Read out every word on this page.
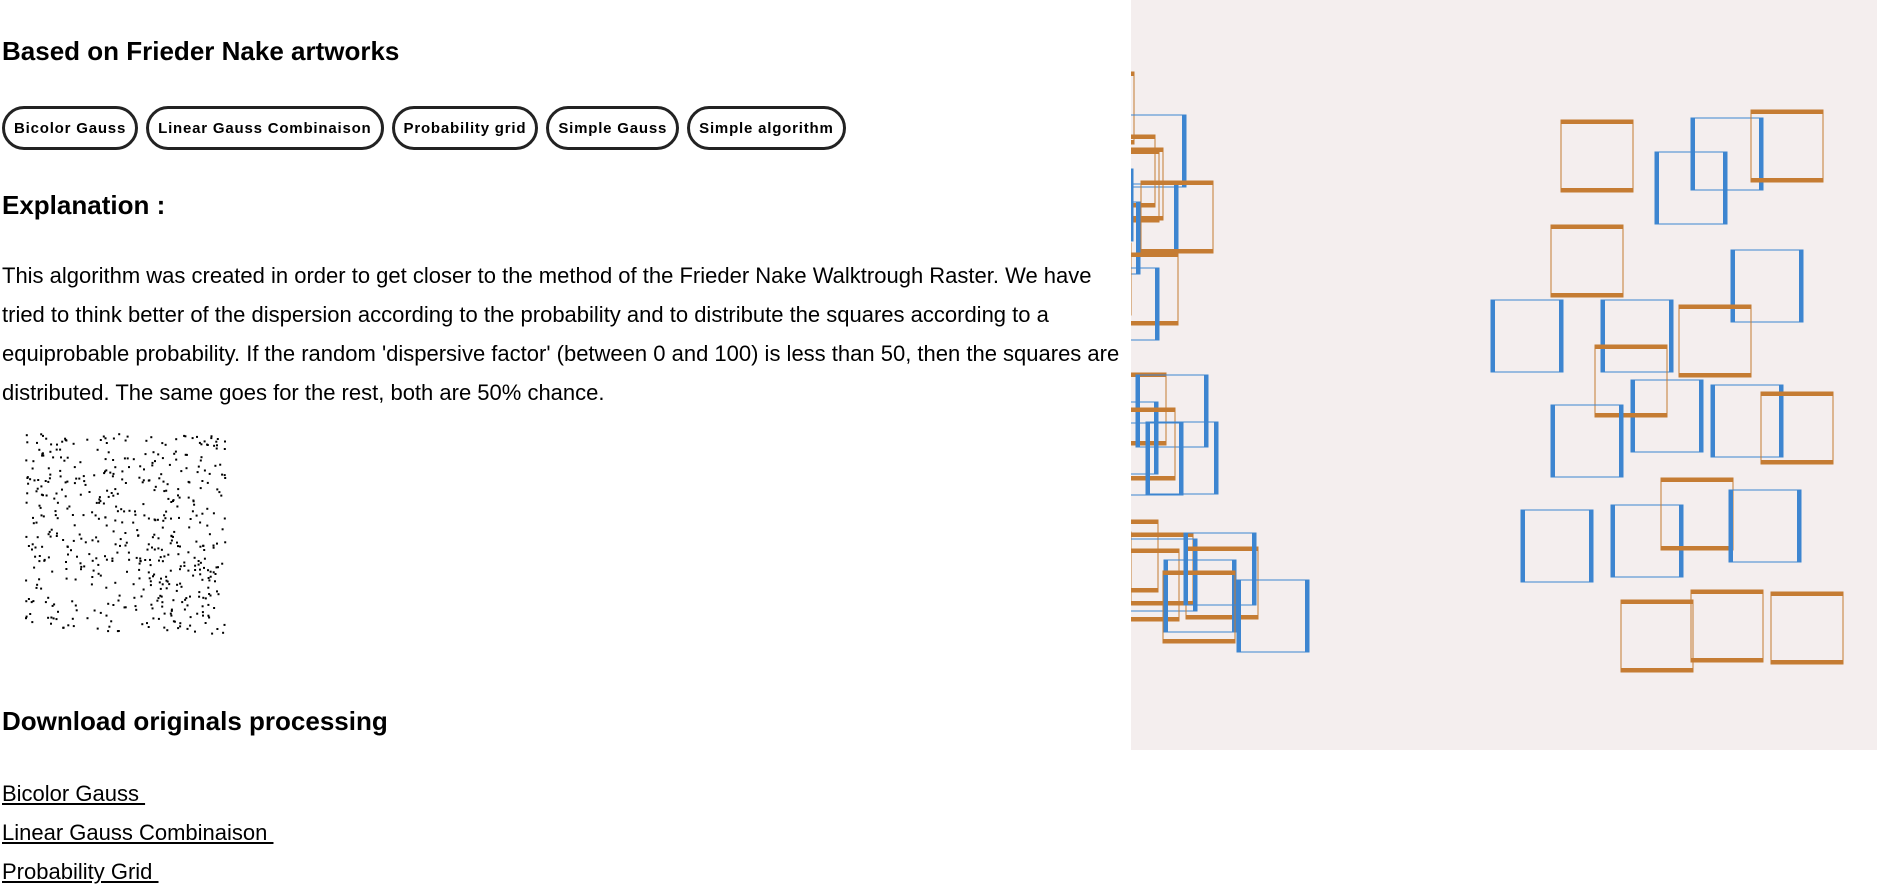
Based on Frieder Nake artworks
Bicolor Gauss	Linear Gauss Combinaison	Probability grid	Simple Gauss	Simple algorithm
Explanation :

This algorithm was created in order to get closer to the method of the Frieder Nake Walktrough Raster. We have tried to think better of the dispersion according to the probability and to distribute the squares according to a equiprobable probability. If the random 'dispersive factor' (between 0 and 100) is less than 50, then the squares are distributed. The same goes for the rest, both are 50% chance.

Download originals processing
Bicolor Gauss
Linear Gauss Combinaison
Probability Grid
